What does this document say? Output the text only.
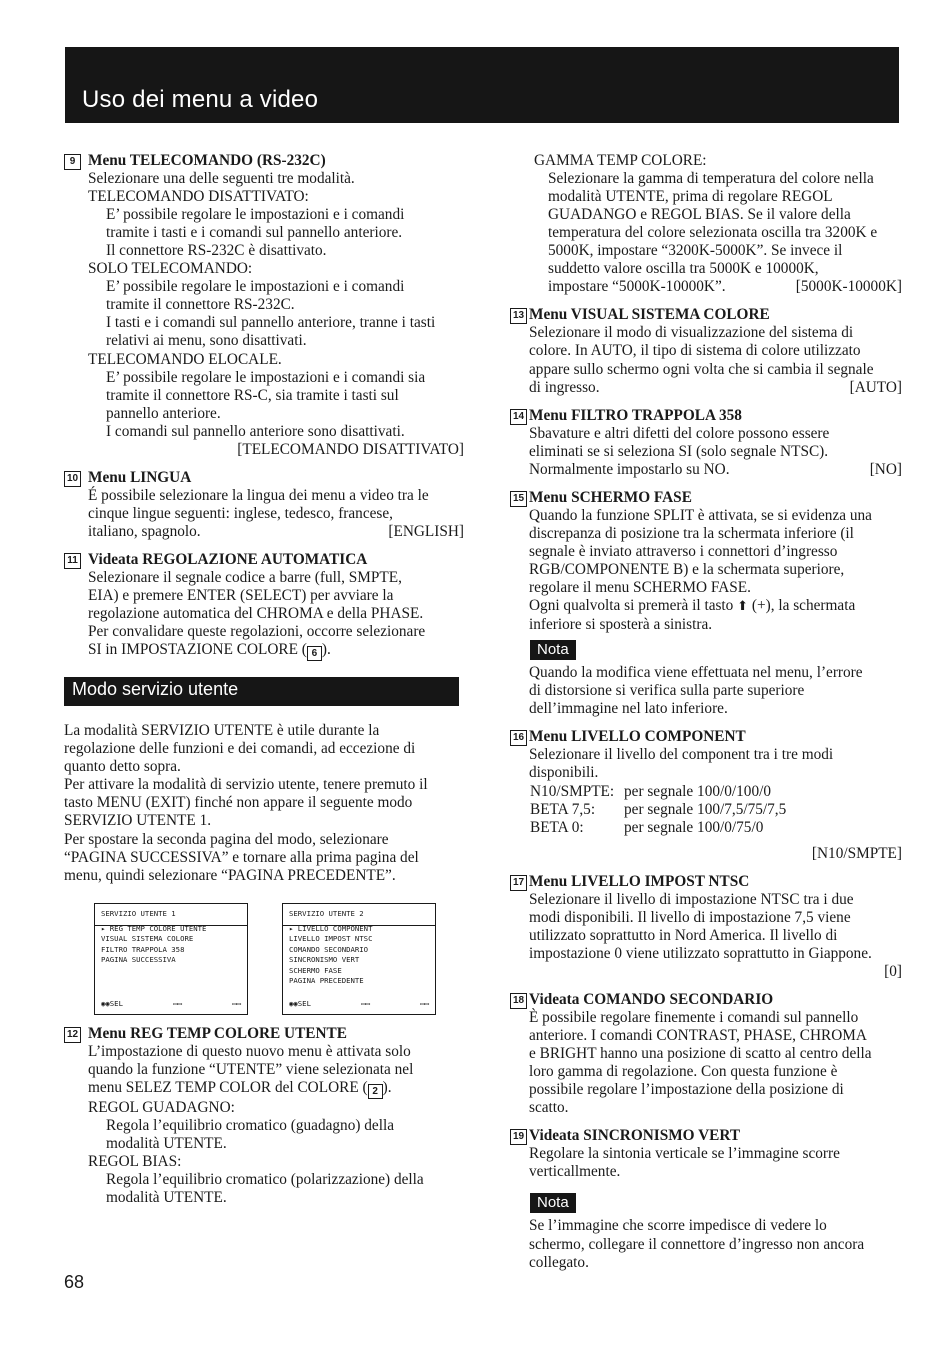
Uso dei menu a video
9 Menu TELECOMANDO (RS-232C)
Selezionare una delle seguenti tre modalità.
TELECOMANDO DISATTIVATO:
E’ possibile regolare le impostazioni e i comandi
tramite i tasti e i comandi sul pannello anteriore.
Il connettore RS-232C è disattivato.
SOLO TELECOMANDO:
E’ possibile regolare le impostazioni e i comandi
tramite il connettore RS-232C.
I tasti e i comandi sul pannello anteriore, tranne i tasti
relativi ai menu, sono disattivati.
TELECOMANDO ELOCALE.
E’ possibile regolare le impostazioni e i comandi sia
tramite il connettore RS-C, sia tramite i tasti sul
pannello anteriore.
I comandi sul pannello anteriore sono disattivati.
[TELECOMANDO DISATTIVATO]
10 Menu LINGUA
É possibile selezionare la lingua dei menu a video tra le
cinque lingue seguenti: inglese, tedesco, francese,
italiano, spagnolo.	[ENGLISH]
11 Videata REGOLAZIONE AUTOMATICA
Selezionare il segnale codice a barre (full, SMPTE,
EIA) e premere ENTER (SELECT) per avviare la
regolazione automatica del CHROMA e della PHASE.
Per convalidare queste regolazioni, occorre selezionare
SI in IMPOSTAZIONE COLORE ( 6 ).
Modo servizio utente
La modalità SERVIZIO UTENTE è utile durante la
regolazione delle funzioni e dei comandi, ad eccezione di
quanto detto sopra.
Per attivare la modalità di servizio utente, tenere premuto il
tasto MENU (EXIT) finché non appare il seguente modo
SERVIZIO UTENTE 1.
Per spostare la seconda pagina del modo, selezionare
“PAGINA SUCCESSIVA” e tornare alla prima pagina del
menu, quindi selezionare “PAGINA PRECEDENTE”.
SERVIZIO UTENTE 1
▸ REG TEMP COLORE UTENTE
VISUAL SISTEMA COLORE
FILTRO TRAPPOLA 358
PAGINA SUCCESSIVA
◉◉SEL	▭▭	▭▭
SERVIZIO UTENTE 2
▸ LIVELLO COMPONENT
LIVELLO IMPOST NTSC
COMANDO SECONDARIO
SINCRONISMO VERT
SCHERMO FASE
PAGINA PRECEDENTE
◉◉SEL	▭▭	▭▭
12 Menu REG TEMP COLORE UTENTE
L’impostazione di questo nuovo menu è attivata solo
quando la funzione “UTENTE” viene selezionata nel
menu SELEZ TEMP COLOR del COLORE ( 2 ).
REGOL GUADAGNO:
Regola l’equilibrio cromatico (guadagno) della
modalità UTENTE.
REGOL BIAS:
Regola l’equilibrio cromatico (polarizzazione) della
modalità UTENTE.
GAMMA TEMP COLORE:
Selezionare la gamma di temperatura del colore nella
modalità UTENTE, prima di regolare REGOL
GUADANGO e REGOL BIAS. Se il valore della
temperatura del colore selezionata oscilla tra 3200K e
5000K, impostare “3200K-5000K”. Se invece il
suddetto valore oscilla tra 5000K e 10000K,
impostare “5000K-10000K”.	[5000K-10000K]
13 Menu VISUAL SISTEMA COLORE
Selezionare il modo di visualizzazione del sistema di
colore. In AUTO, il tipo di sistema di colore utilizzato
appare sullo schermo ogni volta che si cambia il segnale
di ingresso.	[AUTO]
14 Menu FILTRO TRAPPOLA 358
Sbavature e altri difetti del colore possono essere
eliminati se si seleziona SI (solo segnale NTSC).
Normalmente impostarlo su NO.	[NO]
15 Menu SCHERMO FASE
Quando la funzione SPLIT è attivata, se si evidenza una
discrepanza di posizione tra la schermata inferiore (il
segnale è inviato attraverso i connettori d’ingresso
RGB/COMPONENTE B) e la schermata superiore,
regolare il menu SCHERMO FASE.
Ogni qualvolta si premerà il tasto ⬆ (+), la schermata
inferiore si sposterà a sinistra.
Nota
Quando la modifica viene effettuata nel menu, l’errore
di distorsione si verifica sulla parte superiore
dell’immagine nel lato inferiore.
16 Menu LIVELLO COMPONENT
Selezionare il livello del component tra i tre modi
disponibili.
N10/SMPTE: per segnale 100/0/100/0
BETA 7,5:	per segnale 100/7,5/75/7,5
BETA 0:	per segnale 100/0/75/0
[N10/SMPTE]
17 Menu LIVELLO IMPOST NTSC
Selezionare il livello di impostazione NTSC tra i due
modi disponibili. Il livello di impostazione 7,5 viene
utilizzato soprattutto in Nord America. Il livello di
impostazione 0 viene utilizzato soprattutto in Giappone.
[0]
18 Videata COMANDO SECONDARIO
È possibile regolare finemente i comandi sul pannello
anteriore. I comandi CONTRAST, PHASE, CHROMA
e BRIGHT hanno una posizione di scatto al centro della
loro gamma di regolazione. Con questa funzione è
possibile regolare l’impostazione della posizione di
scatto.
19 Videata SINCRONISMO VERT
Regolare la sintonia verticale se l’immagine scorre
verticallmente.
Nota
Se l’immagine che scorre impedisce di vedere lo
schermo, collegare il connettore d’ingresso non ancora
collegato.
68
